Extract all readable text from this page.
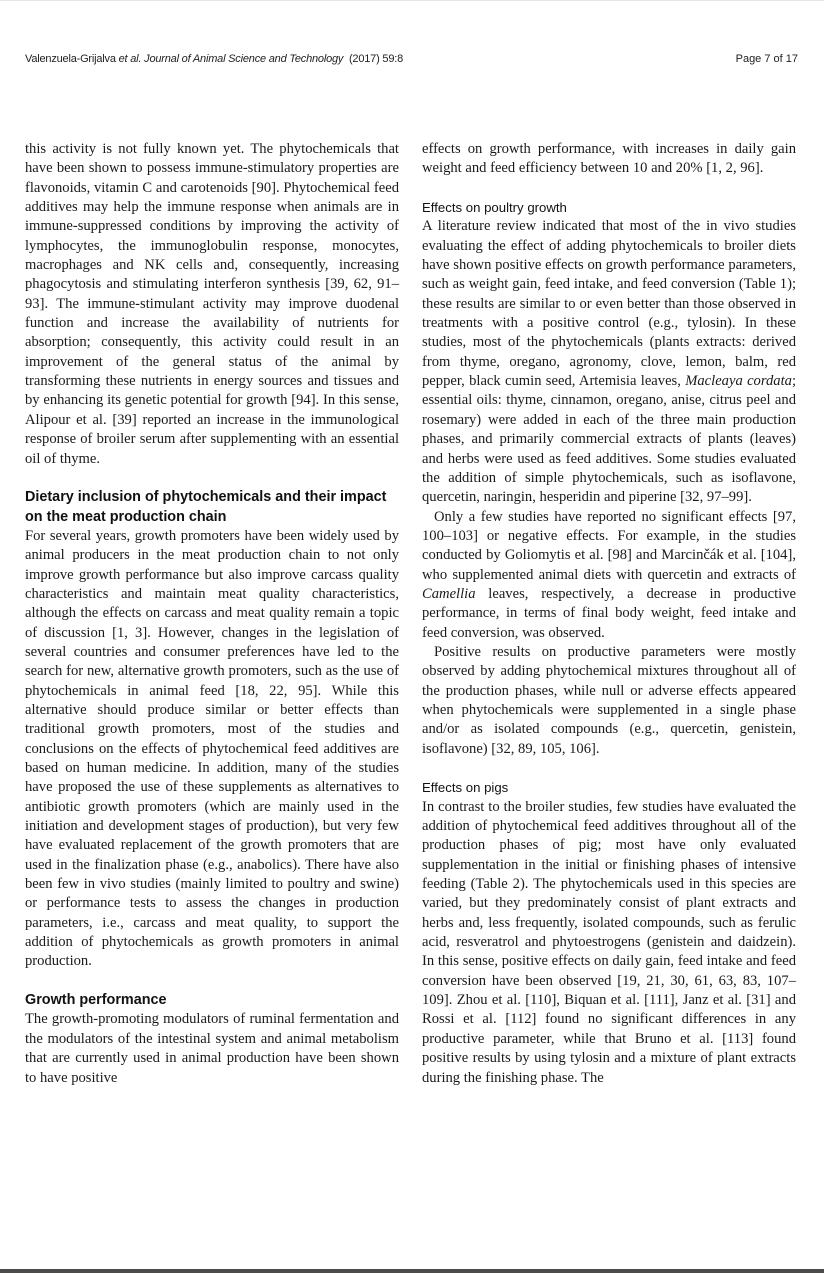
Valenzuela-Grijalva et al. Journal of Animal Science and Technology (2017) 59:8	Page 7 of 17

this activity is not fully known yet. The phytochemicals that have been shown to possess immune-stimulatory properties are flavonoids, vitamin C and carotenoids [90]. Phytochemical feed additives may help the immune response when animals are in immune-suppressed conditions by improving the activity of lymphocytes, the immunoglobulin response, monocytes, macrophages and NK cells and, consequently, increasing phagocytosis and stimulating interferon synthesis [39, 62, 91–93]. The immune-stimulant activity may improve duodenal function and increase the availability of nutrients for absorption; consequently, this activity could result in an improvement of the general status of the animal by transforming these nutrients in energy sources and tissues and by enhancing its genetic potential for growth [94]. In this sense, Alipour et al. [39] reported an increase in the immunological response of broiler serum after supplementing with an essential oil of thyme.

Dietary inclusion of phytochemicals and their impact on the meat production chain

For several years, growth promoters have been widely used by animal producers in the meat production chain to not only improve growth performance but also improve carcass quality characteristics and maintain meat quality characteristics, although the effects on carcass and meat quality remain a topic of discussion [1, 3]. However, changes in the legislation of several countries and consumer preferences have led to the search for new, alternative growth promoters, such as the use of phytochemicals in animal feed [18, 22, 95]. While this alternative should produce similar or better effects than traditional growth promoters, most of the studies and conclusions on the effects of phytochemical feed additives are based on human medicine. In addition, many of the studies have proposed the use of these supplements as alternatives to antibiotic growth promoters (which are mainly used in the initiation and development stages of production), but very few have evaluated replacement of the growth promoters that are used in the finalization phase (e.g., anabolics). There have also been few in vivo studies (mainly limited to poultry and swine) or performance tests to assess the changes in production parameters, i.e., carcass and meat quality, to support the addition of phytochemicals as growth promoters in animal production.

Growth performance

The growth-promoting modulators of ruminal fermentation and the modulators of the intestinal system and animal metabolism that are currently used in animal production have been shown to have positive

effects on growth performance, with increases in daily gain weight and feed efficiency between 10 and 20% [1, 2, 96].

Effects on poultry growth

A literature review indicated that most of the in vivo studies evaluating the effect of adding phytochemicals to broiler diets have shown positive effects on growth performance parameters, such as weight gain, feed intake, and feed conversion (Table 1); these results are similar to or even better than those observed in treatments with a positive control (e.g., tylosin). In these studies, most of the phytochemicals (plants extracts: derived from thyme, oregano, agronomy, clove, lemon, balm, red pepper, black cumin seed, Artemisia leaves, Macleaya cordata; essential oils: thyme, cinnamon, oregano, anise, citrus peel and rosemary) were added in each of the three main production phases, and primarily commercial extracts of plants (leaves) and herbs were used as feed additives. Some studies evaluated the addition of simple phytochemicals, such as isoflavone, quercetin, naringin, hesperidin and piperine [32, 97–99].

Only a few studies have reported no significant effects [97, 100–103] or negative effects. For example, in the studies conducted by Goliomytis et al. [98] and Marcinčák et al. [104], who supplemented animal diets with quercetin and extracts of Camellia leaves, respectively, a decrease in productive performance, in terms of final body weight, feed intake and feed conversion, was observed.

Positive results on productive parameters were mostly observed by adding phytochemical mixtures throughout all of the production phases, while null or adverse effects appeared when phytochemicals were supplemented in a single phase and/or as isolated compounds (e.g., quercetin, genistein, isoflavone) [32, 89, 105, 106].

Effects on pigs

In contrast to the broiler studies, few studies have evaluated the addition of phytochemical feed additives throughout all of the production phases of pig; most have only evaluated supplementation in the initial or finishing phases of intensive feeding (Table 2). The phytochemicals used in this species are varied, but they predominately consist of plant extracts and herbs and, less frequently, isolated compounds, such as ferulic acid, resveratrol and phytoestrogens (genistein and daidzein). In this sense, positive effects on daily gain, feed intake and feed conversion have been observed [19, 21, 30, 61, 63, 83, 107–109]. Zhou et al. [110], Biquan et al. [111], Janz et al. [31] and Rossi et al. [112] found no significant differences in any productive parameter, while that Bruno et al. [113] found positive results by using tylosin and a mixture of plant extracts during the finishing phase. The
